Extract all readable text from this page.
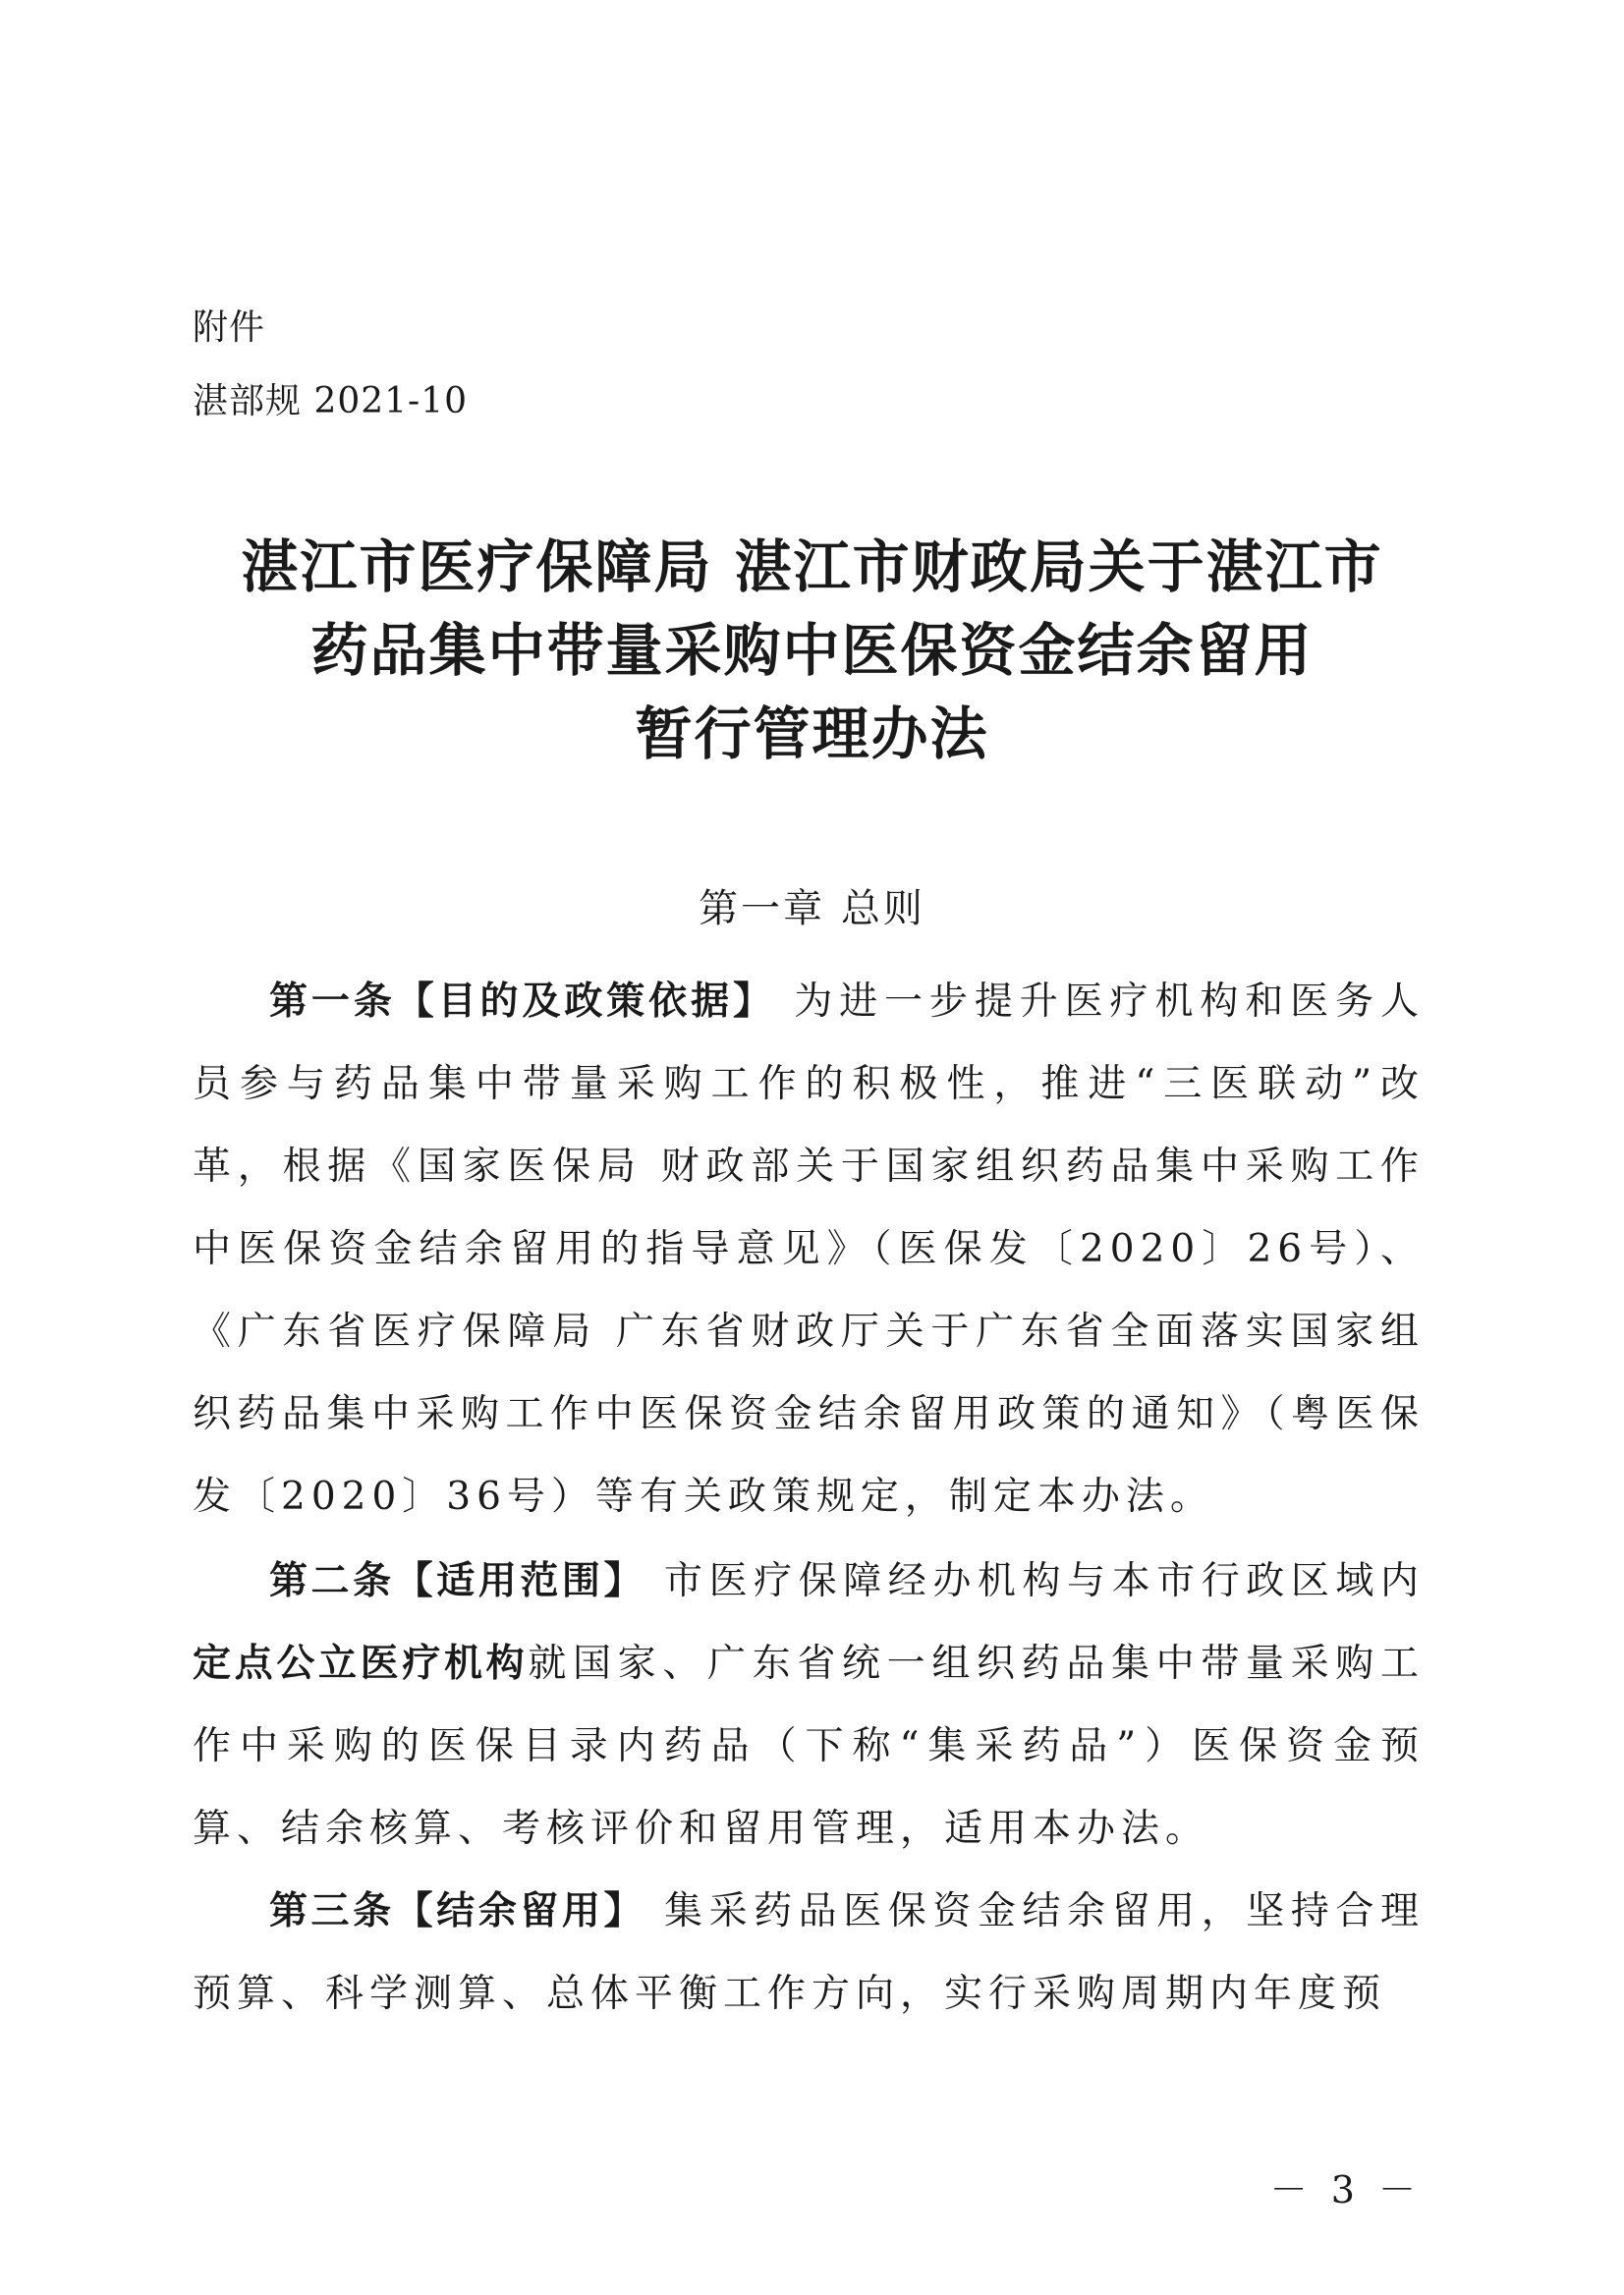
附件
湛部规 2021-10
湛江市医疗保障局 湛江市财政局关于湛江市
药品集中带量采购中医保资金结余留用
暂行管理办法
第一章 总则

第一条【目的及政策依据】 为进一步提升医疗机构和医务人员参与药品集中带量采购工作的积极性，推进“三医联动”改革，根据《国家医保局 财政部关于国家组织药品集中采购工作中医保资金结余留用的指导意见》（医保发〔2020〕26号）、《广东省医疗保障局 广东省财政厅关于广东省全面落实国家组织药品集中采购工作中医保资金结余留用政策的通知》（粤医保发〔2020〕36号）等有关政策规定，制定本办法。

第二条【适用范围】 市医疗保障经办机构与本市行政区域内定点公立医疗机构就国家、广东省统一组织药品集中带量采购工作中采购的医保目录内药品（下称“集采药品”）医保资金预算、结余核算、考核评价和留用管理，适用本办法。

第三条【结余留用】 集采药品医保资金结余留用，坚持合理预算、科学测算、总体平衡工作方向，实行采购周期内年度预

－ 3 －
